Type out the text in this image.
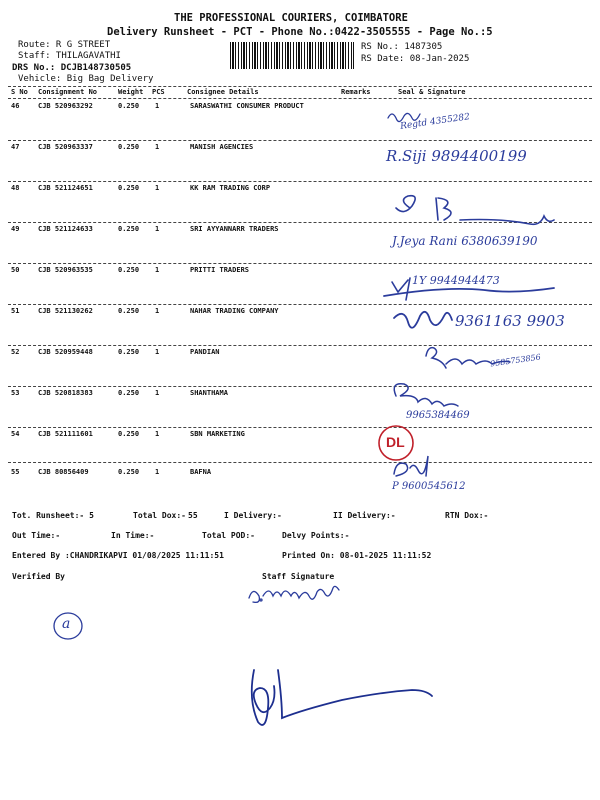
THE PROFESSIONAL COURIERS, COIMBATORE
Delivery Runsheet - PCT - Phone No.:0422-3505555 - Page No.:5
Route: R G STREET
Staff: THILAGAVATHI
DRS No.: DCJB148730505
Vehicle: Big Bag Delivery
RS No.: 1487305
RS Date: 08-Jan-2025
S No Consignment No	Weight PCS	Consignee Details	Remarks	Seal & Signature
46	CJB 520963292	0.250 1	SARASWATHI CONSUMER PRODUCT
47	CJB 520963337	0.250 1	MANISH AGENCIES
48	CJB 521124651	0.250 1	KK RAM TRADING CORP
49	CJB 521124633	0.250 1	SRI AYYANNARR TRADERS
50	CJB 520963535	0.250 1	PRITTI TRADERS
51	CJB 521130262	0.250 1	NAHAR TRADING COMPANY
52	CJB 520959448	0.250 1	PANDIAN
53	CJB 520818383	0.250 1	SHANTHAMA
54	CJB 521111601	0.250 1	SBN MARKETING
55	CJB 80856409	0.250 1	BAFNA
Regtd 4355282
R.Siji 9894400199
J.Jeya Rani 6380639190
1Y 9944944473
9361163 9903
9585753856
9965384469
DL
P 9600545612
Tot. Runsheet:- 5	Total Dox:- 55	I Delivery:-	II Delivery:-	RTN Dox:-
Out Time:-	In Time:-	Total POD:-	Delvy Points:-
Entered By :CHANDRIKAPVI 01/08/2025 11:11:51	Printed On: 08-01-2025 11:11:52
Verified By	Staff Signature
a
